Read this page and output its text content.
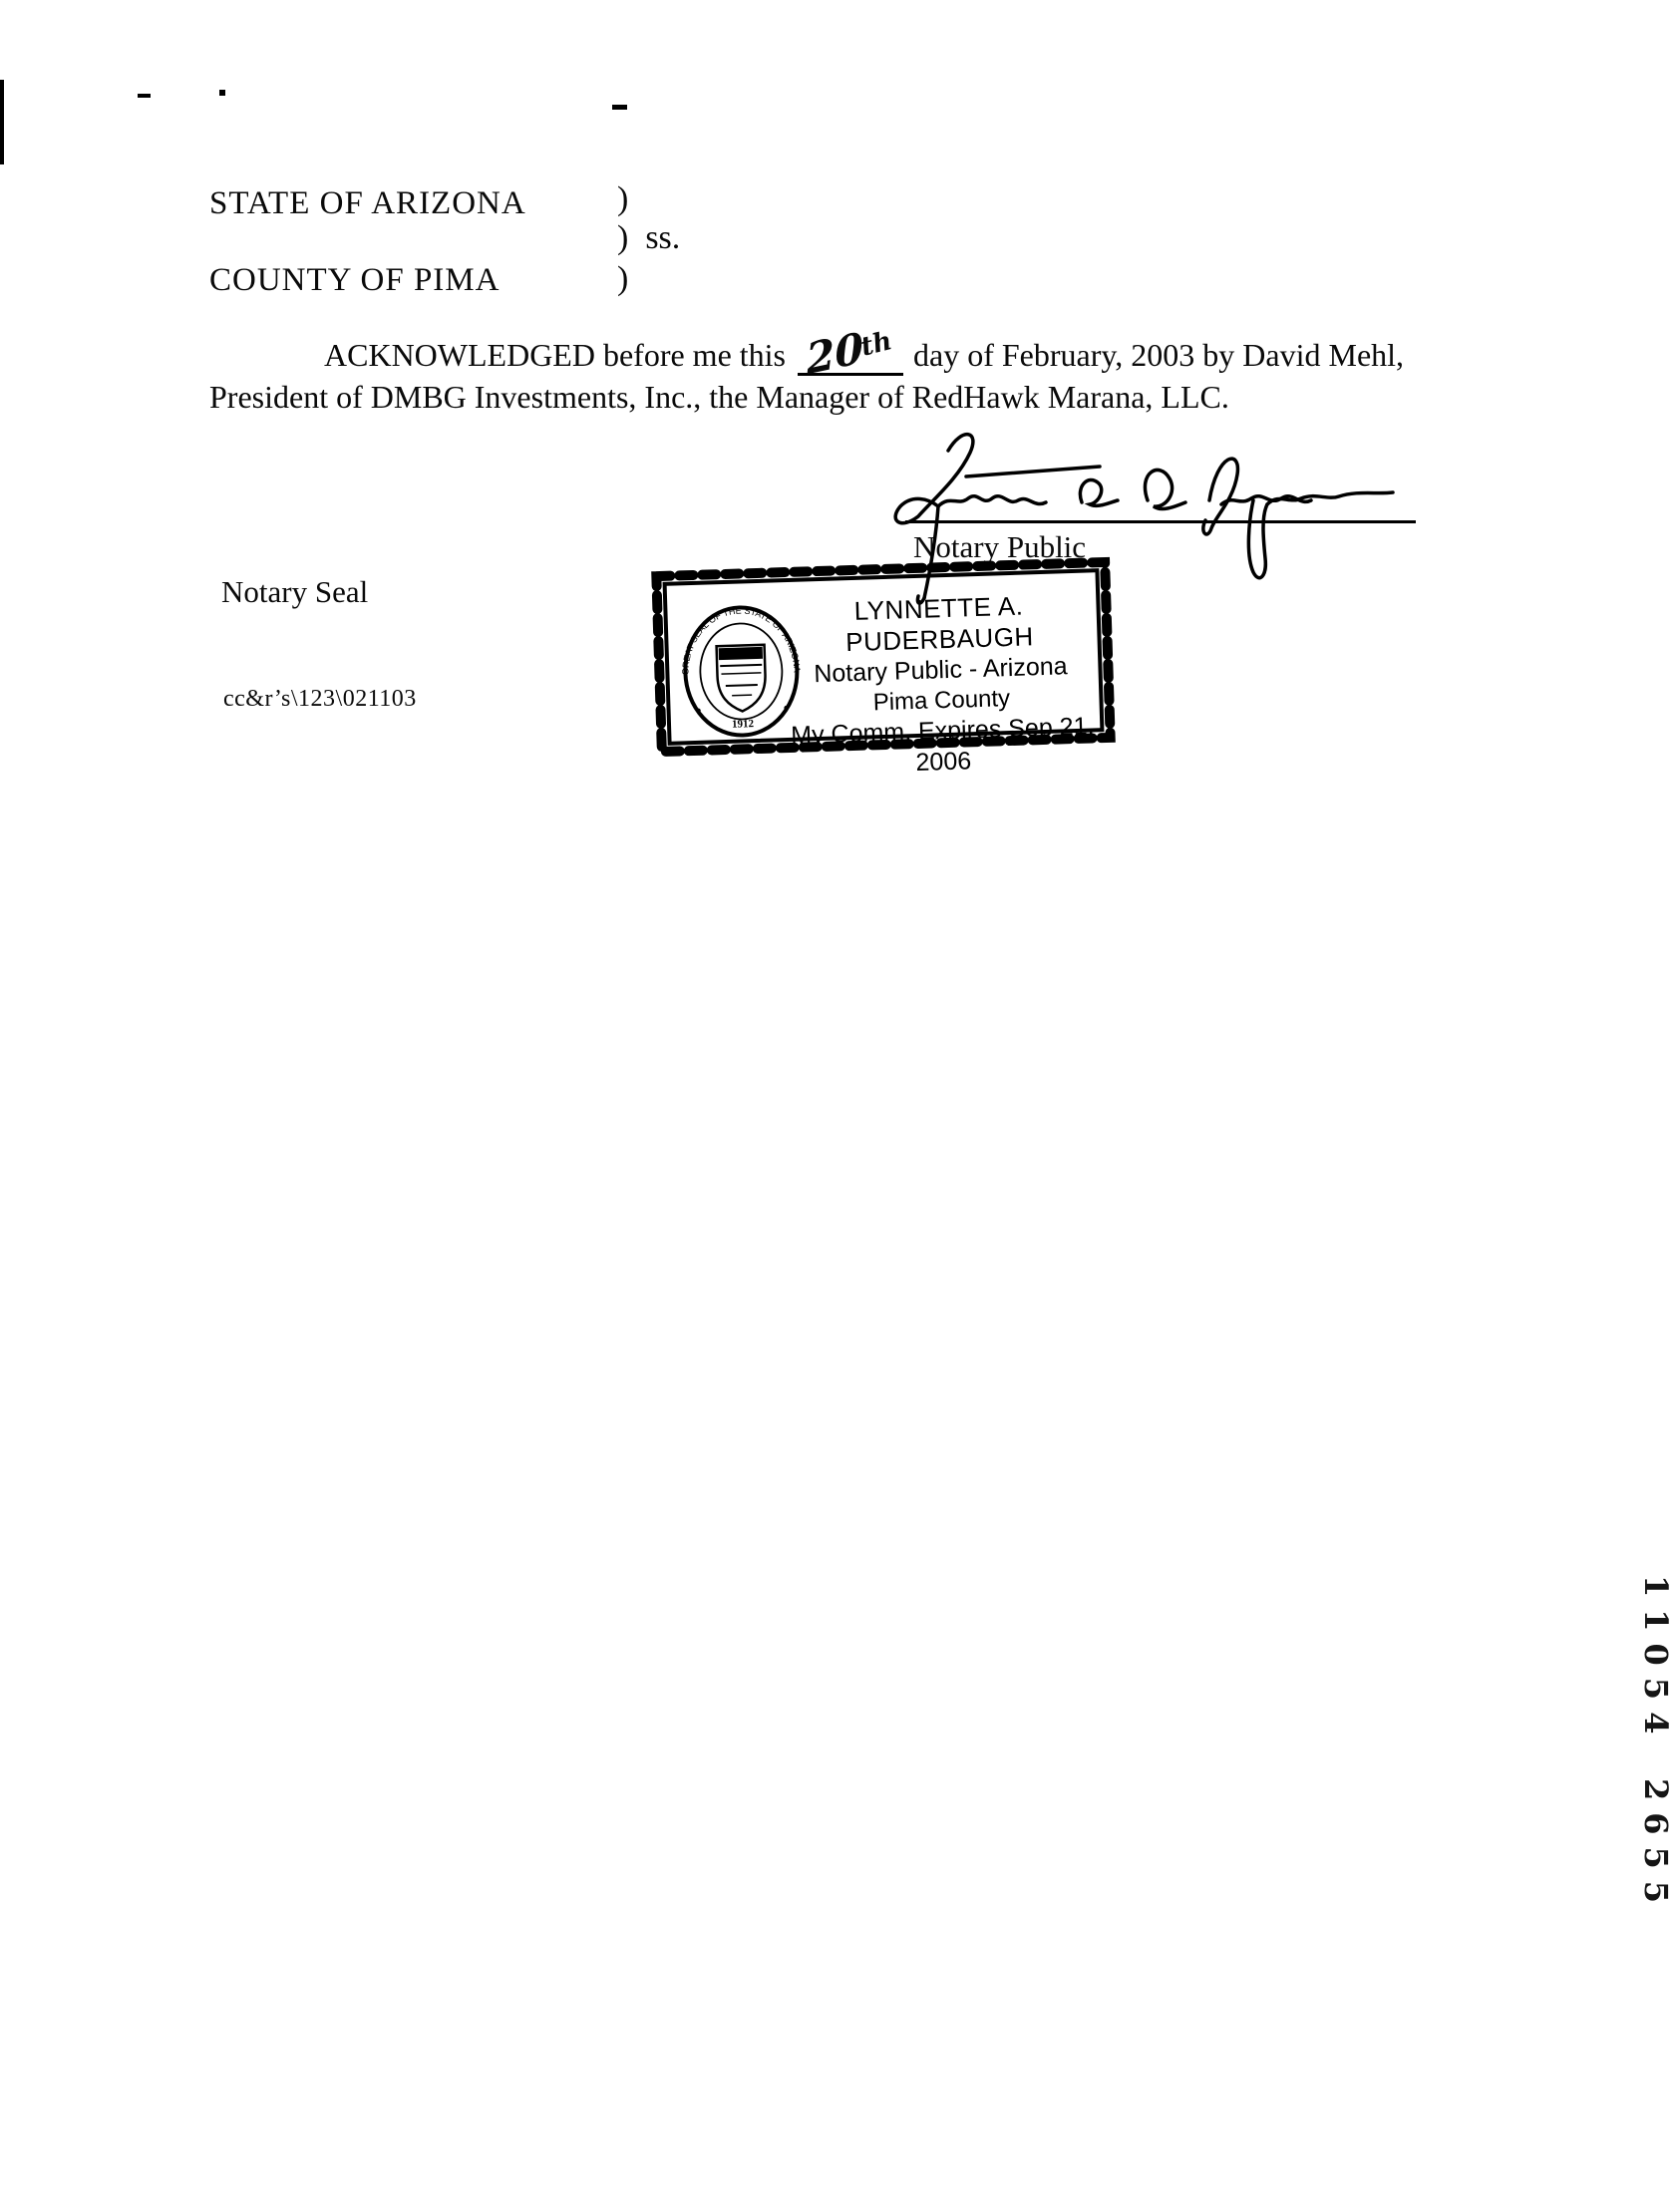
STATE OF ARIZONA	)
)  ss.
COUNTY OF PIMA	)
ACKNOWLEDGED before me this 20th day of February, 2003 by David Mehl,
President of DMBG Investments, Inc., the Manager of RedHawk Marana, LLC.
Notary Public
Notary Seal
cc&r’s\123\021103
GREAT SEAL OF THE STATE OF ARIZONA
1912
LYNNETTE A. PUDERBAUGH
Notary Public - Arizona
Pima County
My Comm. Expires Sep 21, 2006
11054
2655
